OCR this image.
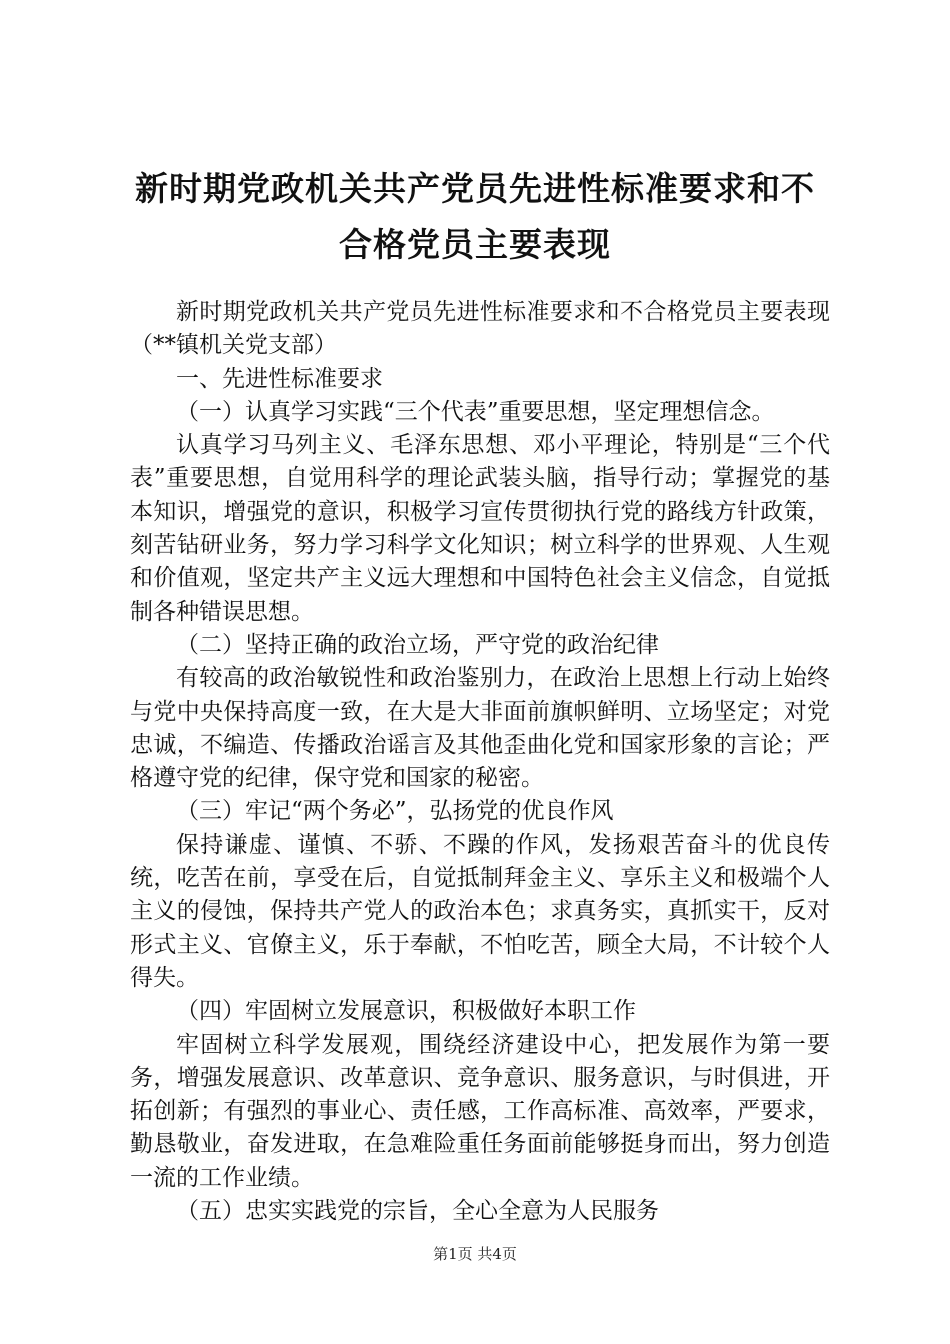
新时期党政机关共产党员先进性标准要求和不
合格党员主要表现

新时期党政机关共产党员先进性标准要求和不合格党员主要表现（**镇机关党支部）

一、先进性标准要求

（一）认真学习实践“三个代表”重要思想，坚定理想信念。

认真学习马列主义、毛泽东思想、邓小平理论，特别是“三个代表”重要思想，自觉用科学的理论武装头脑，指导行动；掌握党的基本知识，增强党的意识，积极学习宣传贯彻执行党的路线方针政策，刻苦钻研业务，努力学习科学文化知识；树立科学的世界观、人生观和价值观，坚定共产主义远大理想和中国特色社会主义信念，自觉抵制各种错误思想。

（二）坚持正确的政治立场，严守党的政治纪律

有较高的政治敏锐性和政治鉴别力，在政治上思想上行动上始终与党中央保持高度一致，在大是大非面前旗帜鲜明、立场坚定；对党忠诚，不编造、传播政治谣言及其他歪曲化党和国家形象的言论；严格遵守党的纪律，保守党和国家的秘密。

（三）牢记“两个务必”，弘扬党的优良作风

保持谦虚、谨慎、不骄、不躁的作风，发扬艰苦奋斗的优良传统，吃苦在前，享受在后，自觉抵制拜金主义、享乐主义和极端个人主义的侵蚀，保持共产党人的政治本色；求真务实，真抓实干，反对形式主义、官僚主义，乐于奉献，不怕吃苦，顾全大局，不计较个人得失。

（四）牢固树立发展意识，积极做好本职工作

牢固树立科学发展观，围绕经济建设中心，把发展作为第一要务，增强发展意识、改革意识、竞争意识、服务意识，与时俱进，开拓创新；有强烈的事业心、责任感，工作高标准、高效率，严要求，勤恳敬业，奋发进取，在急难险重任务面前能够挺身而出，努力创造一流的工作业绩。

（五）忠实实践党的宗旨，全心全意为人民服务

第1页 共4页
